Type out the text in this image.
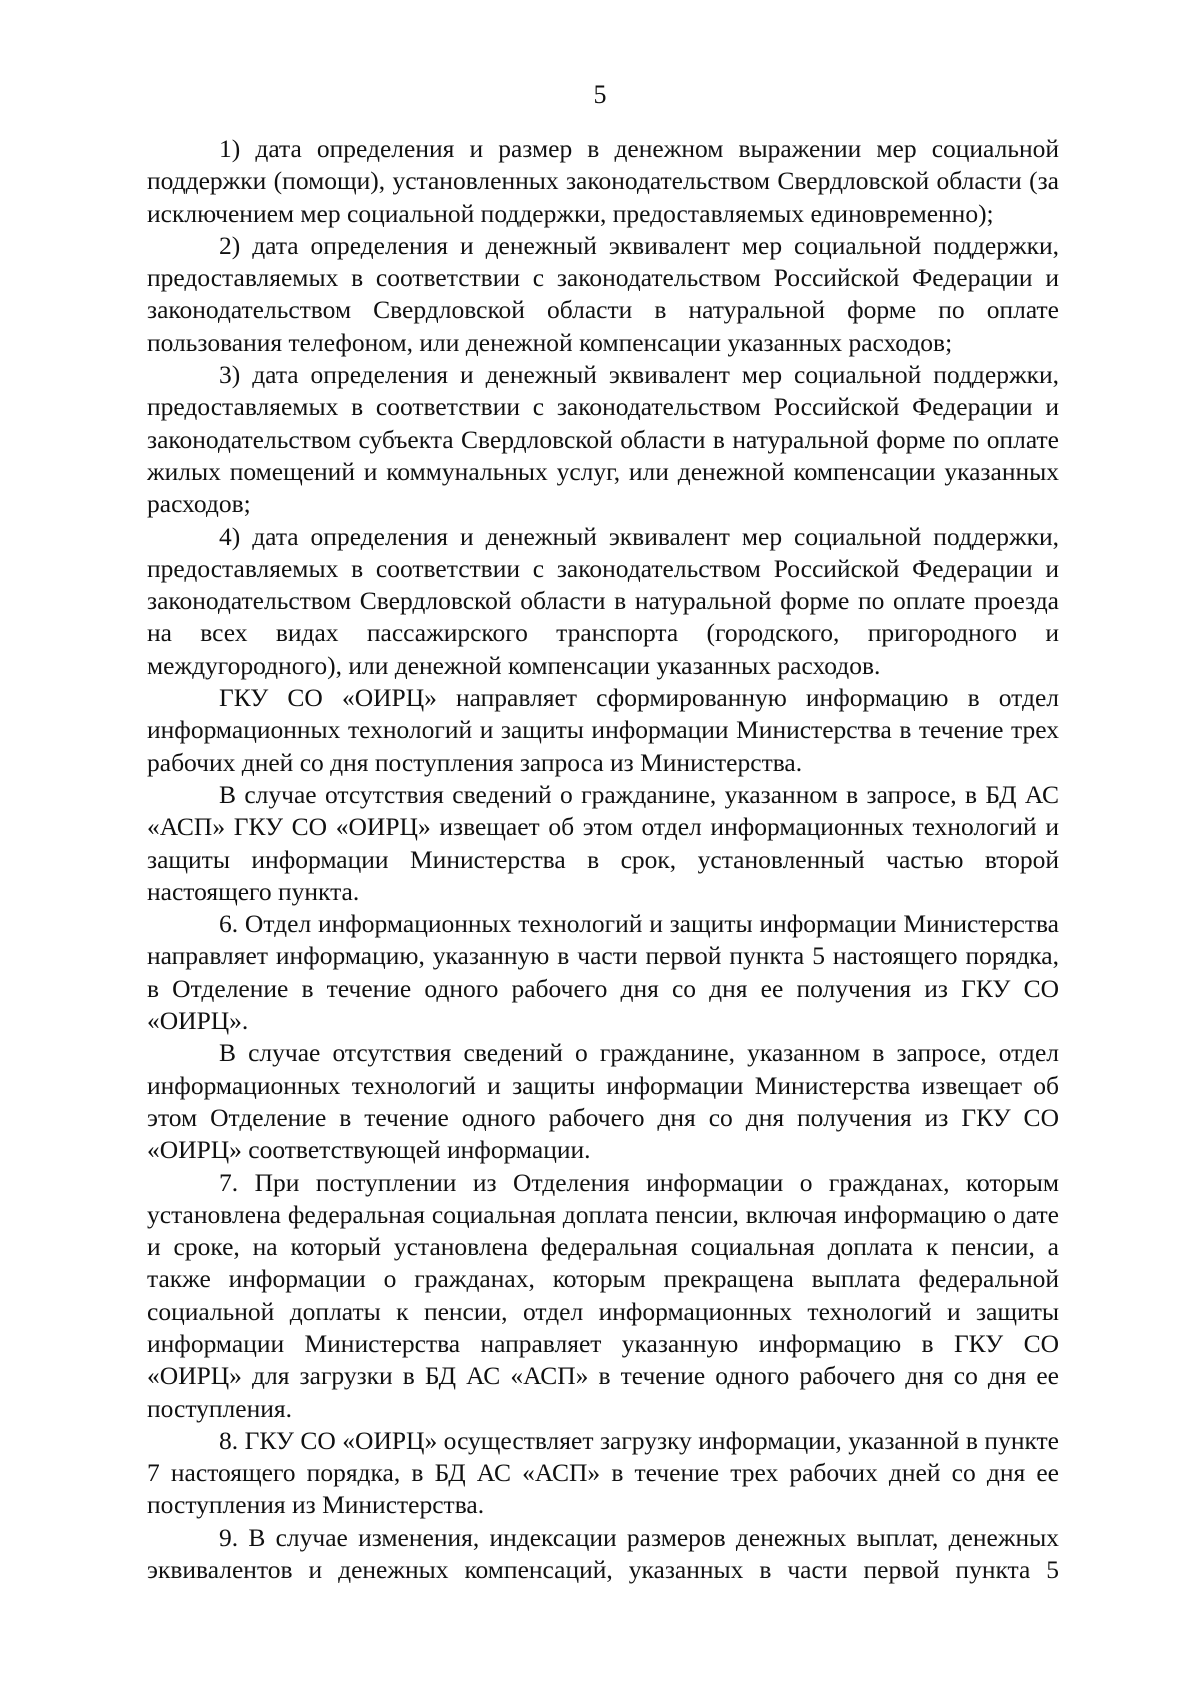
5

1) дата определения и размер в денежном выражении мер социальной поддержки (помощи), установленных законодательством Свердловской области (за исключением мер социальной поддержки, предоставляемых единовременно);

2) дата определения и денежный эквивалент мер социальной поддержки, предоставляемых в соответствии с законодательством Российской Федерации и законодательством Свердловской области в натуральной форме по оплате пользования телефоном, или денежной компенсации указанных расходов;

3) дата определения и денежный эквивалент мер социальной поддержки, предоставляемых в соответствии с законодательством Российской Федерации и законодательством субъекта Свердловской области в натуральной форме по оплате жилых помещений и коммунальных услуг, или денежной компенсации указанных расходов;

4) дата определения и денежный эквивалент мер социальной поддержки, предоставляемых в соответствии с законодательством Российской Федерации и законодательством Свердловской области в натуральной форме по оплате проезда на всех видах пассажирского транспорта (городского, пригородного и междугородного), или денежной компенсации указанных расходов.

ГКУ СО «ОИРЦ» направляет сформированную информацию в отдел информационных технологий и защиты информации Министерства в течение трех рабочих дней со дня поступления запроса из Министерства.

В случае отсутствия сведений о гражданине, указанном в запросе, в БД АС «АСП» ГКУ СО «ОИРЦ» извещает об этом отдел информационных технологий и защиты информации Министерства в срок, установленный частью второй настоящего пункта.

6. Отдел информационных технологий и защиты информации Министерства направляет информацию, указанную в части первой пункта 5 настоящего порядка, в Отделение в течение одного рабочего дня со дня ее получения из ГКУ СО «ОИРЦ».

В случае отсутствия сведений о гражданине, указанном в запросе, отдел информационных технологий и защиты информации Министерства извещает об этом Отделение в течение одного рабочего дня со дня получения из ГКУ СО «ОИРЦ» соответствующей информации.

7. При поступлении из Отделения информации о гражданах, которым установлена федеральная социальная доплата пенсии, включая информацию о дате и сроке, на который установлена федеральная социальная доплата к пенсии, а также информации о гражданах, которым прекращена выплата федеральной социальной доплаты к пенсии, отдел информационных технологий и защиты информации Министерства направляет указанную информацию в ГКУ СО «ОИРЦ» для загрузки в БД АС «АСП» в течение одного рабочего дня со дня ее поступления.

8. ГКУ СО «ОИРЦ» осуществляет загрузку информации, указанной в пункте 7 настоящего порядка, в БД АС «АСП» в течение трех рабочих дней со дня ее поступления из Министерства.

9. В случае изменения, индексации размеров денежных выплат, денежных эквивалентов и денежных компенсаций, указанных в части первой пункта 5
